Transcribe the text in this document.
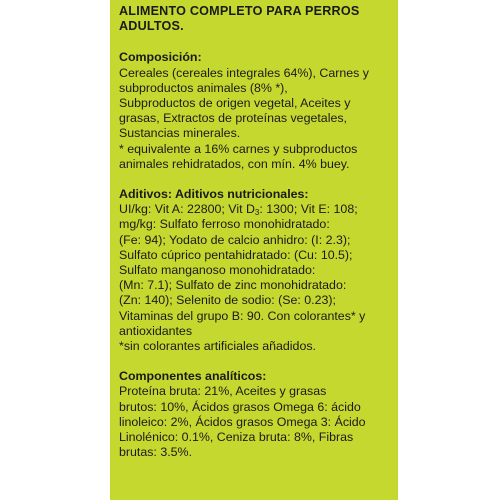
ALIMENTO COMPLETO PARA PERROS
ADULTOS.
Composición:
Cereales (cereales integrales 64%), Carnes y
subproductos animales (8% *),
Subproductos de origen vegetal, Aceites y
grasas, Extractos de proteínas vegetales,
Sustancias minerales.
* equivalente a 16% carnes y subproductos
animales rehidratados, con mín. 4% buey.
Aditivos: Aditivos nutricionales:
UI/kg: Vit A: 22800; Vit $D_3$: 1300; Vit E: 108;
mg/kg: Sulfato ferroso monohidratado:
(Fe: 94); Yodato de calcio anhidro: (I: 2.3);
Sulfato cúprico pentahidratado: (Cu: 10.5);
Sulfato manganoso monohidratado:
(Mn: 7.1); Sulfato de zinc monohidratado:
(Zn: 140); Selenito de sodio: (Se: 0.23);
Vitaminas del grupo B: 90. Con colorantes* y
antioxidantes
*sin colorantes artificiales añadidos.
Componentes analíticos:
Proteína bruta: 21%, Aceites y grasas
brutos: 10%, Ácidos grasos Omega 6: ácido
linoleico: 2%, Ácidos grasos Omega 3: Ácido
Linolénico: 0.1%, Ceniza bruta: 8%, Fibras
brutas: 3.5%.
